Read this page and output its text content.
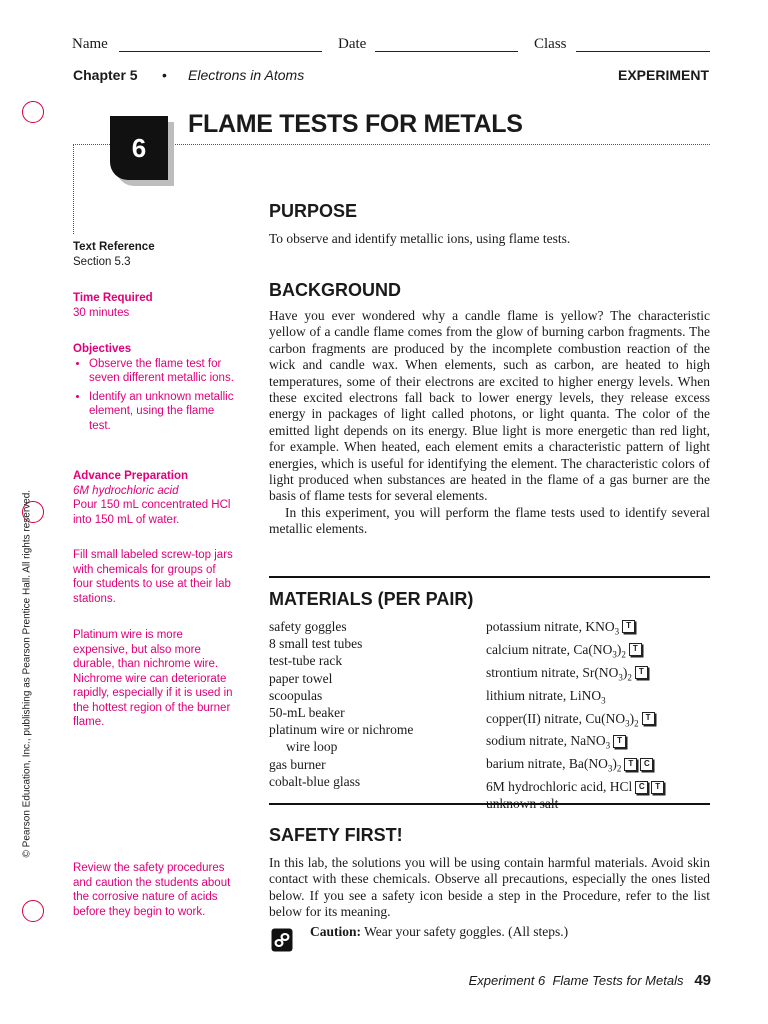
Name	Date	Class
Chapter 5 • Electrons in Atoms	EXPERIMENT
6
FLAME TESTS FOR METALS
Text Reference
Section 5.3
Time Required
30 minutes
Objectives
• Observe the flame test for seven different metallic ions.
• Identify an unknown metallic element, using the flame test.
Advance Preparation
6M hydrochloric acid
Pour 150 mL concentrated HCl into 150 mL of water.
Fill small labeled screw-top jars with chemicals for groups of four students to use at their lab stations.
Platinum wire is more expensive, but also more durable, than nichrome wire. Nichrome wire can deteriorate rapidly, especially if it is used in the hottest region of the burner flame.
Review the safety procedures and caution the students about the corrosive nature of acids before they begin to work.
© Pearson Education, Inc., publishing as Pearson Prentice Hall. All rights reserved.
PURPOSE
To observe and identify metallic ions, using flame tests.
BACKGROUND
Have you ever wondered why a candle flame is yellow? The characteristic yellow of a candle flame comes from the glow of burning carbon fragments. The carbon fragments are produced by the incomplete combustion reaction of the wick and candle wax. When elements, such as carbon, are heated to high temperatures, some of their electrons are excited to higher energy levels. When these excited electrons fall back to lower energy levels, they release excess energy in packages of light called photons, or light quanta. The color of the emitted light depends on its energy. Blue light is more energetic than red light, for example. When heated, each element emits a characteristic pattern of light energies, which is useful for identifying the element. The characteristic colors of light produced when substances are heated in the flame of a gas burner are the basis of flame tests for several elements.
In this experiment, you will perform the flame tests used to identify several metallic elements.
MATERIALS (PER PAIR)
safety goggles
8 small test tubes
test-tube rack
paper towel
scoopulas
50-mL beaker
platinum wire or nichrome
wire loop
gas burner
cobalt-blue glass
potassium nitrate, $KNO_3T$
calcium nitrate, $Ca(NO_3)_2T$
strontium nitrate, $Sr(NO_3)_2T$
lithium nitrate, LiNO$_3$
copper(II) nitrate, $Cu(NO_3)_2T$
sodium nitrate, NaNO$_3$T
barium nitrate, $Ba(NO_3)_2T$ C
6M hydrochloric acid, HCl C T
SAFETY FIRST!
In this lab, the solutions you will be using contain harmful materials. Avoid skin contact with these chemicals. Observe all precautions, especially the ones listed below. If you see a safety icon beside a step in the Procedure, refer to the list below for its meaning.
Caution: Wear your safety goggles. (All steps.)
Experiment 6  Flame Tests for Metals 49
